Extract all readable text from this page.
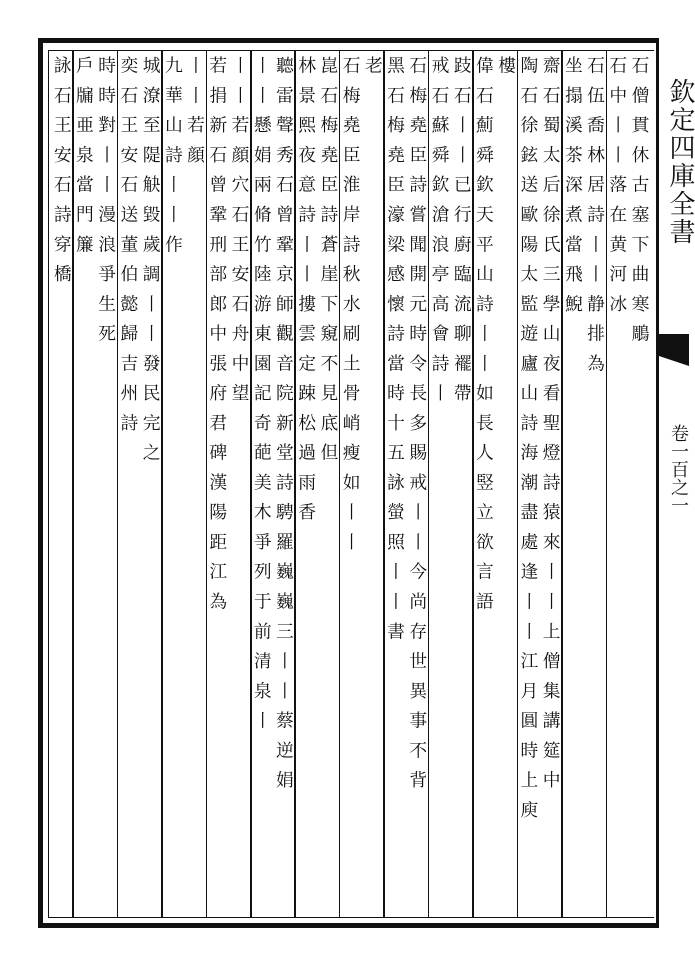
欽定四庫全書
卷一百之一
石僧貫休古塞下曲寒鵰
石中丨丨落在黄河冰
石伍喬林居詩丨丨静排為
坐搨溪茶深煮當飛鯢
齋石蜀太后徐氏三學山夜看聖燈詩猿來丨丨上僧集講筵中
陶石徐鉉送歐陽太監遊廬山詩海潮盡處逢丨丨江月圓時上庾
樓
偉石薊舜欽天平山詩丨丨如長人竪立欲言語
跂石丨丨已行廚臨流聊襬帶
戒石蘇舜欽滄浪亭高會詩丨
石梅堯臣詩嘗聞開元時令長多賜戒丨丨今尚存世異事不背
黑石梅堯臣濠梁感懷詩當時十五詠螢照丨丨書
老
石梅堯臣淮岸詩秋水刷土骨峭瘦如丨丨
崑石梅堯臣詩蒼崖下窺不見底但
林景熙夜意詩丨丨摟雲定踈松過雨香
聽雷聲秀石曾鞏京師觀音院新堂詩騁羅巍巍三丨丨蔡逆娟
丨丨懸娟兩脩竹陸游東園記奇葩美木爭列于前清泉丨
丨丨若顔穴石王安石舟中望
若捐新石曾鞏刑部郎中張府君碑漢陽距江為
丨丨若顔
九華山詩丨丨作
城潦至隄觖毀歲調丨丨發民完之
奕石王安石送董伯懿歸吉州詩
時時對丨丨漫浪爭生死
戶牖亜泉當門簾
詠石王安石詩穿橋
